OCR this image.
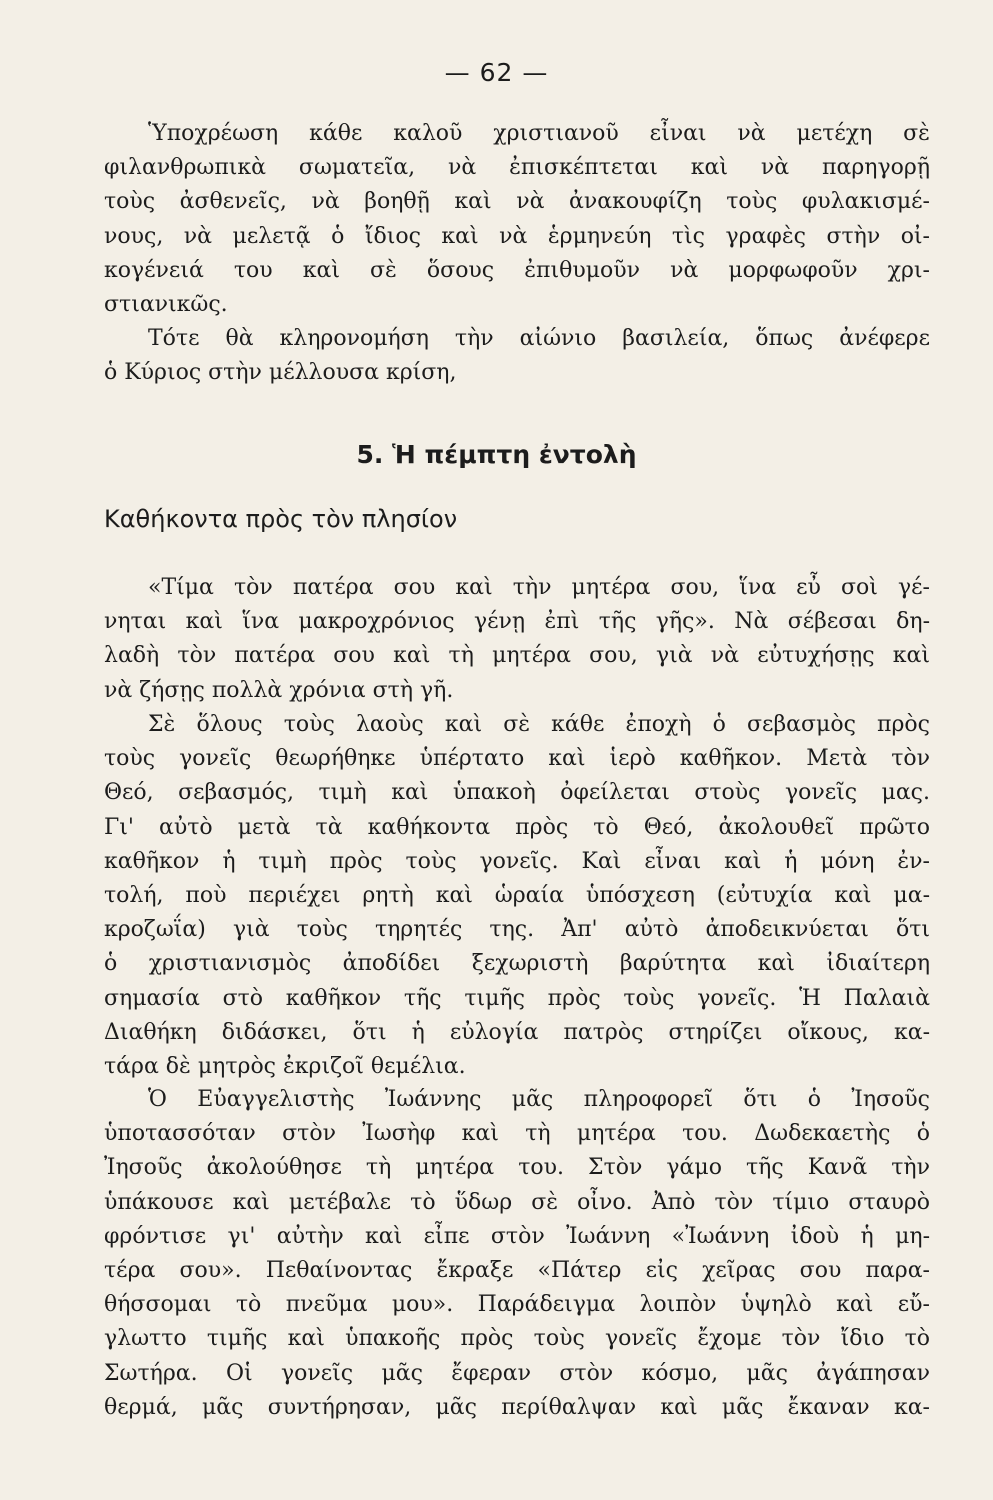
— 62 —
Ὑποχρέωση κάθε καλοῦ χριστιανοῦ εἶναι νὰ μετέχη σὲ
φιλανθρωπικὰ σωματεῖα, νὰ ἐπισκέπτεται καὶ νὰ παρηγορῇ
τοὺς ἀσθενεῖς, νὰ βοηθῇ καὶ νὰ ἀνακουφίζη τοὺς φυλακισμέ-
νους, νὰ μελετᾷ ὁ ἴδιος καὶ νὰ ἑρμηνεύη τὶς γραφὲς στὴν οἰ-
κογένειά του καὶ σὲ ὅσους ἐπιθυμοῦν νὰ μορφωφοῦν χρι-
στιανικῶς.
Τότε θὰ κληρονομήση τὴν αἰώνιο βασιλεία, ὅπως ἀνέφερε
ὁ Κύριος στὴν μέλλουσα κρίση,
5. Ἡ πέμπτη ἐντολὴ
Καθήκοντα πρὸς τὸν πλησίον
«Τίμα τὸν πατέρα σου καὶ τὴν μητέρα σου, ἵνα εὖ σοὶ γέ-
νηται καὶ ἵνα μακροχρόνιος γένῃ ἐπὶ τῆς γῆς». Νὰ σέβεσαι δη-
λαδὴ τὸν πατέρα σου καὶ τὴ μητέρα σου, γιὰ νὰ εὐτυχήσῃς καὶ
νὰ ζήσῃς πολλὰ χρόνια στὴ γῆ.
Σὲ ὅλους τοὺς λαοὺς καὶ σὲ κάθε ἐποχὴ ὁ σεβασμὸς πρὸς
τοὺς γονεῖς θεωρήθηκε ὑπέρτατο καὶ ἱερὸ καθῆκον. Μετὰ τὸν
Θεό, σεβασμός, τιμὴ καὶ ὑπακοὴ ὀφείλεται στοὺς γονεῖς μας.
Γι' αὐτὸ μετὰ τὰ καθήκοντα πρὸς τὸ Θεό, ἀκολουθεῖ πρῶτο
καθῆκον ἡ τιμὴ πρὸς τοὺς γονεῖς. Καὶ εἶναι καὶ ἡ μόνη ἐν-
τολή, ποὺ περιέχει ρητὴ καὶ ὡραία ὑπόσχεση (εὐτυχία καὶ μα-
κροζωΐα) γιὰ τοὺς τηρητές της. Ἀπ' αὐτὸ ἀποδεικνύεται ὅτι
ὁ χριστιανισμὸς ἀποδίδει ξεχωριστὴ βαρύτητα καὶ ἰδιαίτερη
σημασία στὸ καθῆκον τῆς τιμῆς πρὸς τοὺς γονεῖς. Ἡ Παλαιὰ
Διαθήκη διδάσκει, ὅτι ἡ εὐλογία πατρὸς στηρίζει οἴκους, κα-
τάρα δὲ μητρὸς ἐκριζοῖ θεμέλια.
Ὁ Εὐαγγελιστὴς Ἰωάννης μᾶς πληροφορεῖ ὅτι ὁ Ἰησοῦς
ὑποτασσόταν στὸν Ἰωσὴφ καὶ τὴ μητέρα του. Δωδεκαετὴς ὁ
Ἰησοῦς ἀκολούθησε τὴ μητέρα του. Στὸν γάμο τῆς Κανᾶ τὴν
ὑπάκουσε καὶ μετέβαλε τὸ ὕδωρ σὲ οἶνο. Ἀπὸ τὸν τίμιο σταυρὸ
φρόντισε γι' αὐτὴν καὶ εἶπε στὸν Ἰωάννη «Ἰωάννη ἰδοὺ ἡ μη-
τέρα σου». Πεθαίνοντας ἔκραξε «Πάτερ εἰς χεῖρας σου παρα-
θήσσομαι τὸ πνεῦμα μου». Παράδειγμα λοιπὸν ὑψηλὸ καὶ εὔ-
γλωττο τιμῆς καὶ ὑπακοῆς πρὸς τοὺς γονεῖς ἔχομε τὸν ἴδιο τὸ
Σωτήρα. Οἱ γονεῖς μᾶς ἔφεραν στὸν κόσμο, μᾶς ἀγάπησαν
θερμά, μᾶς συντήρησαν, μᾶς περίθαλψαν καὶ μᾶς ἔκαναν κα-
